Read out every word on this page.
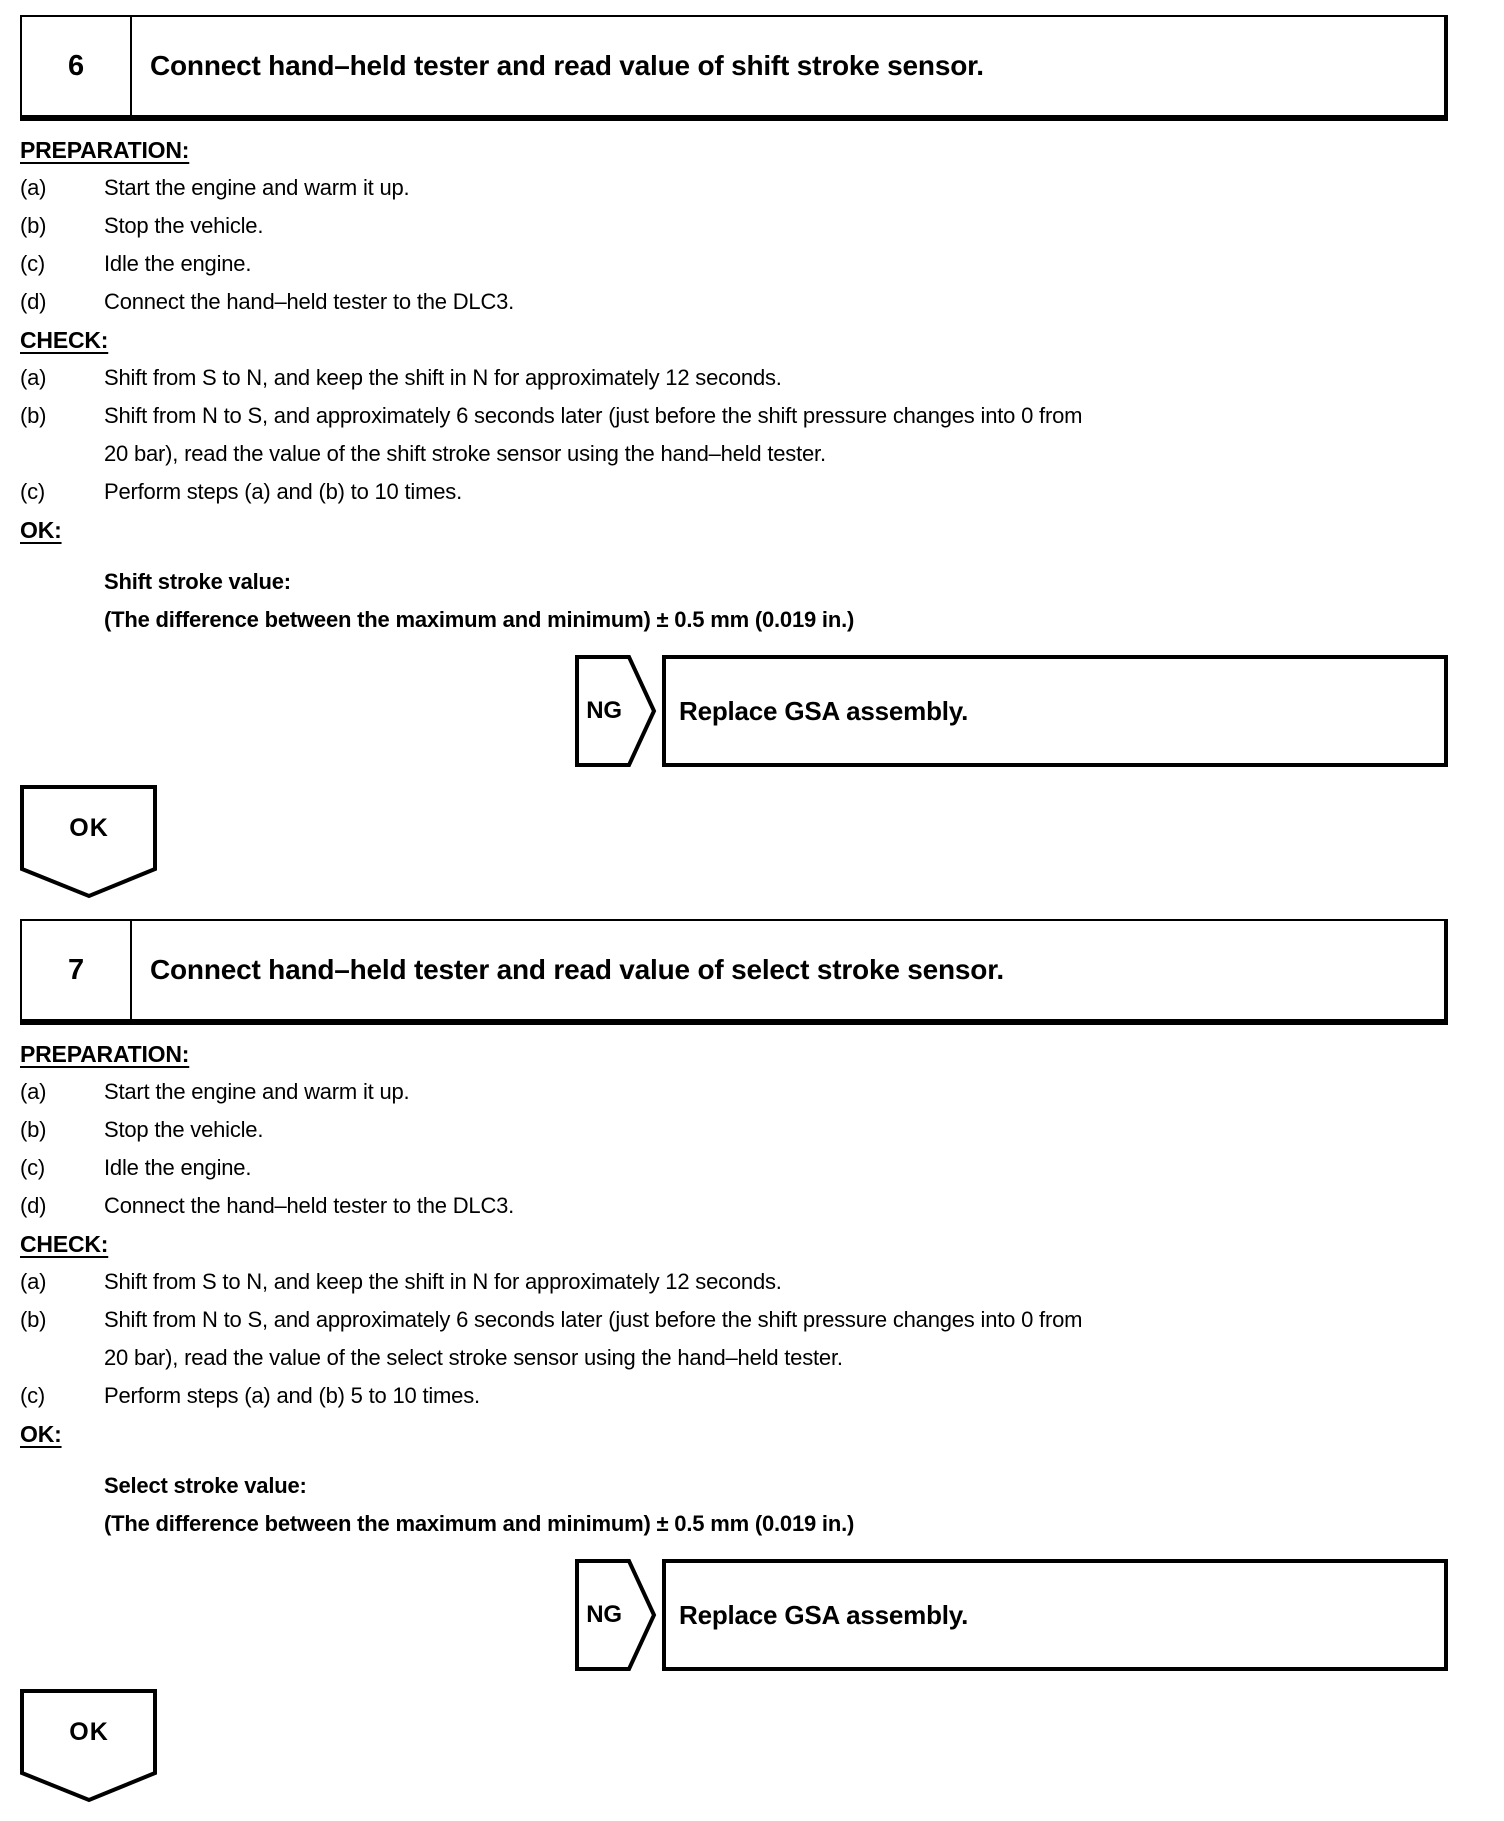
6	Connect hand–held tester and read value of shift stroke sensor.
PREPARATION:
(a)	Start the engine and warm it up.
(b)	Stop the vehicle.
(c)	Idle the engine.
(d)	Connect the hand–held tester to the DLC3.
CHECK:
(a)	Shift from S to N, and keep the shift in N for approximately 12 seconds.
(b)	Shift from N to S, and approximately 6 seconds later (just before the shift pressure changes into 0 from
20 bar), read the value of the shift stroke sensor using the hand–held tester.
(c)	Perform steps (a) and (b) to 10 times.
OK:
Shift stroke value:
(The difference between the maximum and minimum) ± 0.5 mm (0.019 in.)
NG	Replace GSA assembly.
OK
7	Connect hand–held tester and read value of select stroke sensor.
PREPARATION:
(a)	Start the engine and warm it up.
(b)	Stop the vehicle.
(c)	Idle the engine.
(d)	Connect the hand–held tester to the DLC3.
CHECK:
(a)	Shift from S to N, and keep the shift in N for approximately 12 seconds.
(b)	Shift from N to S, and approximately 6 seconds later (just before the shift pressure changes into 0 from
20 bar), read the value of the select stroke sensor using the hand–held tester.
(c)	Perform steps (a) and (b) 5 to 10 times.
OK:
Select stroke value:
(The difference between the maximum and minimum) ± 0.5 mm (0.019 in.)
NG	Replace GSA assembly.
OK
